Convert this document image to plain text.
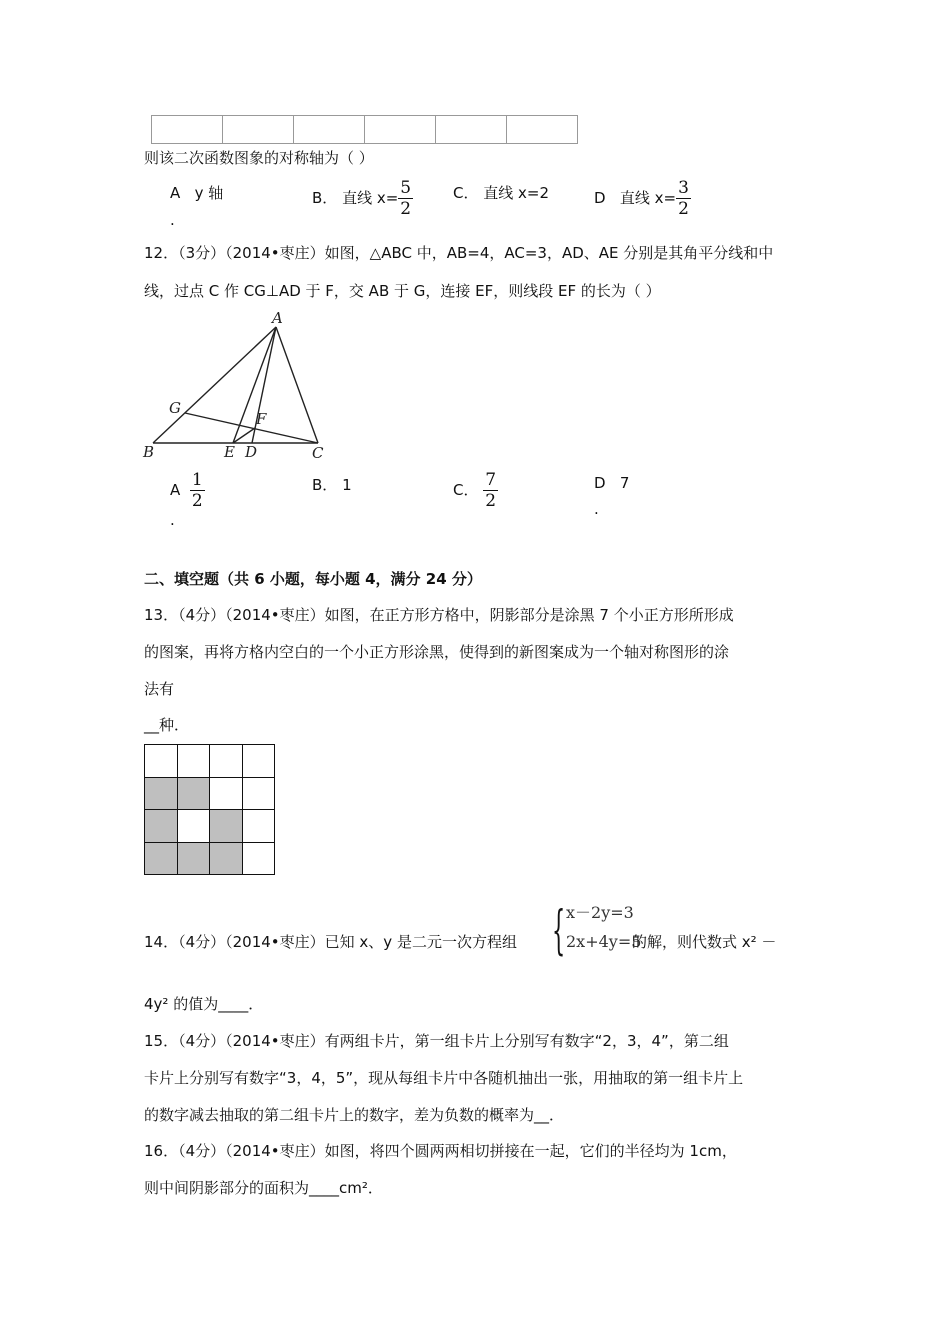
则该二次函数图象的对称轴为（ ）
A y 轴
.
B． 直线 $x= \frac{5}{2}$	C． 直线 x=2	D 直线 $x= \frac{3}{2}$
12．（3分）（2014•枣庄）如图，△ABC 中，AB=4，AC=3，AD、AE 分别是其角平分线和中
线，过点 C 作 CG⊥AD 于 F，交 AB 于 G，连接 EF，则线段 EF 的长为（ ）
A
B	C
D
E
F
G
A $\frac{1}{2}$
.
B． 1	C． $\frac{7}{2}$	D 7
.
二、填空题（共 6 小题，每小题 4，满分 24 分）
13．（4分）（2014•枣庄）如图，在正方形方格中，阴影部分是涂黑 7 个小正方形所形成
的图案，再将方格内空白的一个小正方形涂黑，使得到的新图案成为一个轴对称图形的涂
法有
__种．
14．（4分）（2014•枣庄）已知 x、y 是二元一次方程组 { x－2y=3
2x+4y=5
的解，则代数式 x² －
4y² 的值为____．
15．（4分）（2014•枣庄）有两组卡片，第一组卡片上分别写有数字“2，3，4”，第二组
卡片上分别写有数字“3，4，5”，现从每组卡片中各随机抽出一张，用抽取的第一组卡片上
的数字减去抽取的第二组卡片上的数字，差为负数的概率为__．
16．（4分）（2014•枣庄）如图，将四个圆两两相切拼接在一起，它们的半径均为 1cm，
则中间阴影部分的面积为____cm²．
